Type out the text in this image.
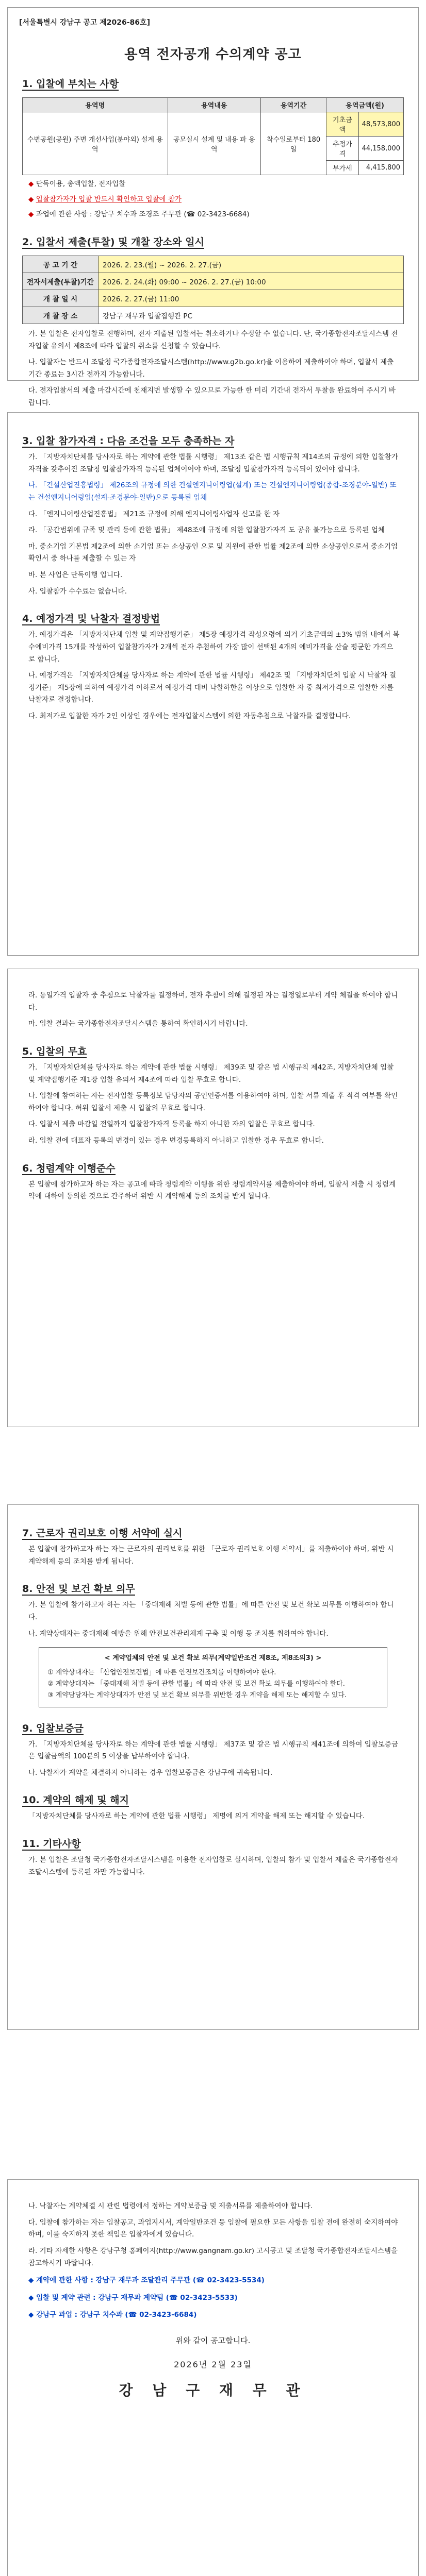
[서울특별시 강남구 공고 제2026-86호]
용역 전자공개 수의계약 공고
1. 입찰에 부치는 사항
용역명	용역내용	용역기간	용역금액(원)	
수변공원(공원) 주변 개선사업(분야외) 설계 용역	공모실시 설계 및 내용 파 용역	착수일로부터 180일	기초금액	48,573,800
			추정가격	44,158,000
			부가세	4,415,800
◆ 단독이용, 총액입찰, 전자입찰
◆ 입찰참가자가 입찰 반드시 확인하고 입찰에 참가
◆ 과업에 관한 사항 : 강남구 치수과 조경조 주무관 (☎ 02-3423-6684)
2. 입찰서 제출(투찰) 및 개찰 장소와 일시
공 고 기 간	2026. 2. 23.(월) ~ 2026. 2. 27.(금)
전자서제출(투찰)기간	2026. 2. 24.(화) 09:00 ~ 2026. 2. 27.(금) 10:00
개 찰 일 시	2026. 2. 27.(금) 11:00
개 찰 장 소	강남구 재무과 입찰집행관 PC
가. 본 입찰은 전자입찰로 진행하며, 전자 제출된 입찰서는 취소하거나 수정할 수 없습니다. 단, 국가종합전자조달시스템 전자입찰 유의서 제8조에 따라 입찰의 취소를 신청할 수 있습니다.
나. 입찰자는 반드시 조달청 국가종합전자조달시스템(http://www.g2b.go.kr)을 이용하여 제출하여야 하며, 입찰서 제출기간 종료는 3시간 전까지 가능합니다.
다. 전자입찰서의 제출 마감시간에 천재지변 발생할 수 있으므로 가능한 한 미리 기간내 전자서 투찰을 완료하여 주시기 바랍니다.
3. 입찰 참가자격 : 다음 조건을 모두 충족하는 자
가. 「지방자치단체를 당사자로 하는 계약에 관한 법률 시행령」 제13조 같은 법 시행규칙 제14조의 규정에 의한 입찰참가자격을 갖추어진 조달청 입찰참가자격 등록된 업체이어야 하며, 조달청 입찰참가자격 등록되어 있어야 합니다.
나. 「건설산업진흥법령」 제26조의 규정에 의한 건설엔지니어링업(설계) 또는 건설엔지니어링업(종합-조경분야-일반) 또는 건설엔지니어링업(설계-조경분야-일반)으로 등록된 업체
다. 「엔지니어링산업진흥법」 제21조 규정에 의해 엔지니어링사업자 신고를 한 자
라. 「공간범위에 규족 및 관리 등에 관한 법률」 제48조에 규정에 의한 입찰참가자격 도 공유 불가능으로 등록된 업체
마. 중소기업 기본법 제2조에 의한 소기업 또는 소상공인 으로 및 지원에 관한 법률 제2조에 의한 소상공인으로서 중소기업 확인서 중 하나를 제출할 수 있는 자
바. 본 사업은 단독이행 입니다.
사. 입찰참가 수수료는 없습니다.
4. 예정가격 및 낙찰자 결정방법
가. 예정가격은 「지방자치단체 입찰 및 계약집행기준」 제5장 예정가격 작성요령에 의거 기초금액의 ±3% 범위 내에서 복수예비가격 15개를 작성하여 입찰참가자가 2개씩 전자 추첨하여 가장 많이 선택된 4개의 예비가격을 산술 평균한 가격으로 합니다.
나. 예정가격은 「지방자치단체를 당사자로 하는 계약에 관한 법률 시행령」 제42조 및 「지방자치단체 입찰 시 낙찰자 결정기준」 제5장에 의하여 예정가격 이하로서 예정가격 대비 낙찰하한율 이상으로 입찰한 자 중 최저가격으로 입찰한 자를 낙찰자로 결정합니다.
다. 최저가로 입찰한 자가 2인 이상인 경우에는 전자입찰시스템에 의한 자동추첨으로 낙찰자를 결정합니다.
라. 동일가격 입찰자 중 추첨으로 낙찰자를 결정하며, 전자 추첨에 의해 결정된 자는 결정일로부터 계약 체결을 하여야 합니다.
마. 입찰 결과는 국가종합전자조달시스템을 통하여 확인하시기 바랍니다.
5. 입찰의 무효
가. 「지방자치단체를 당사자로 하는 계약에 관한 법률 시행령」 제39조 및 같은 법 시행규칙 제42조, 지방자치단체 입찰 및 계약집행기준 제1장 입찰 유의서 제4조에 따라 입찰 무효로 합니다.
나. 입찰에 참여하는 자는 전자입찰 등록정보 담당자의 공인인증서를 이용하여야 하며, 입찰 서류 제출 후 적격 여부를 확인하여야 합니다. 허위 입찰서 제출 시 입찰의 무효로 합니다.
다. 입찰서 제출 마감일 전일까지 입찰참가자격 등록을 하지 아니한 자의 입찰은 무효로 합니다.
라. 입찰 전에 대표자 등록의 변경이 있는 경우 변경등록하지 아니하고 입찰한 경우 무효로 합니다.
6. 청렴계약 이행준수
본 입찰에 참가하고자 하는 자는 공고에 따라 청렴계약 이행을 위한 청렴계약서를 제출하여야 하며, 입찰서 제출 시 청렴계약에 대하여 동의한 것으로 간주하며 위반 시 계약해제 등의 조치를 받게 됩니다.
7. 근로자 권리보호 이행 서약에 실시
본 입찰에 참가하고자 하는 자는 근로자의 권리보호를 위한 「근로자 권리보호 이행 서약서」를 제출하여야 하며, 위반 시 계약해제 등의 조치를 받게 됩니다.
8. 안전 및 보건 확보 의무
가. 본 입찰에 참가하고자 하는 자는 「중대재해 처벌 등에 관한 법률」에 따른 안전 및 보건 확보 의무를 이행하여야 합니다.
나. 계약상대자는 중대재해 예방을 위해 안전보건관리체계 구축 및 이행 등 조치를 취하여야 합니다.
< 계약업체의 안전 및 보건 확보 의무(계약일반조건 제8조, 제8조의3) >
① 계약상대자는 「산업안전보건법」에 따른 안전보건조치를 이행하여야 한다.
② 계약상대자는 「중대재해 처벌 등에 관한 법률」에 따라 안전 및 보건 확보 의무를 이행하여야 한다.
③ 계약담당자는 계약상대자가 안전 및 보건 확보 의무를 위반한 경우 계약을 해제 또는 해지할 수 있다.
9. 입찰보증금
가. 「지방자치단체를 당사자로 하는 계약에 관한 법률 시행령」 제37조 및 같은 법 시행규칙 제41조에 의하여 입찰보증금은 입찰금액의 100분의 5 이상을 납부하여야 합니다.
나. 낙찰자가 계약을 체결하지 아니하는 경우 입찰보증금은 강남구에 귀속됩니다.
10. 계약의 해제 및 해지
「지방자치단체를 당사자로 하는 계약에 관한 법률 시행령」 제명에 의거 계약을 해제 또는 해지할 수 있습니다.
11. 기타사항
가. 본 입찰은 조달청 국가종합전자조달시스템을 이용한 전자입찰로 실시하며, 입찰의 참가 및 입찰서 제출은 국가종합전자조달시스템에 등록된 자만 가능합니다.
나. 낙찰자는 계약체결 시 관련 법령에서 정하는 계약보증금 및 제출서류를 제출하여야 합니다.
다. 입찰에 참가하는 자는 입찰공고, 과업지시서, 계약일반조건 등 입찰에 필요한 모든 사항을 입찰 전에 완전히 숙지하여야 하며, 이를 숙지하지 못한 책임은 입찰자에게 있습니다.
라. 기타 자세한 사항은 강남구청 홈페이지(http://www.gangnam.go.kr) 고시공고 및 조달청 국가종합전자조달시스템을 참고하시기 바랍니다.
◆ 계약에 관한 사항 : 강남구 재무과 조달관리 주무관 (☎ 02-3423-5534)
◆ 입찰 및 계약 관련 : 강남구 재무과 계약팀 (☎ 02-3423-5533)
◆ 강남구 과업 : 강남구 치수과 (☎ 02-3423-6684)
위와 같이 공고합니다.
2026년 2월 23일
강 남 구 재 무 관
